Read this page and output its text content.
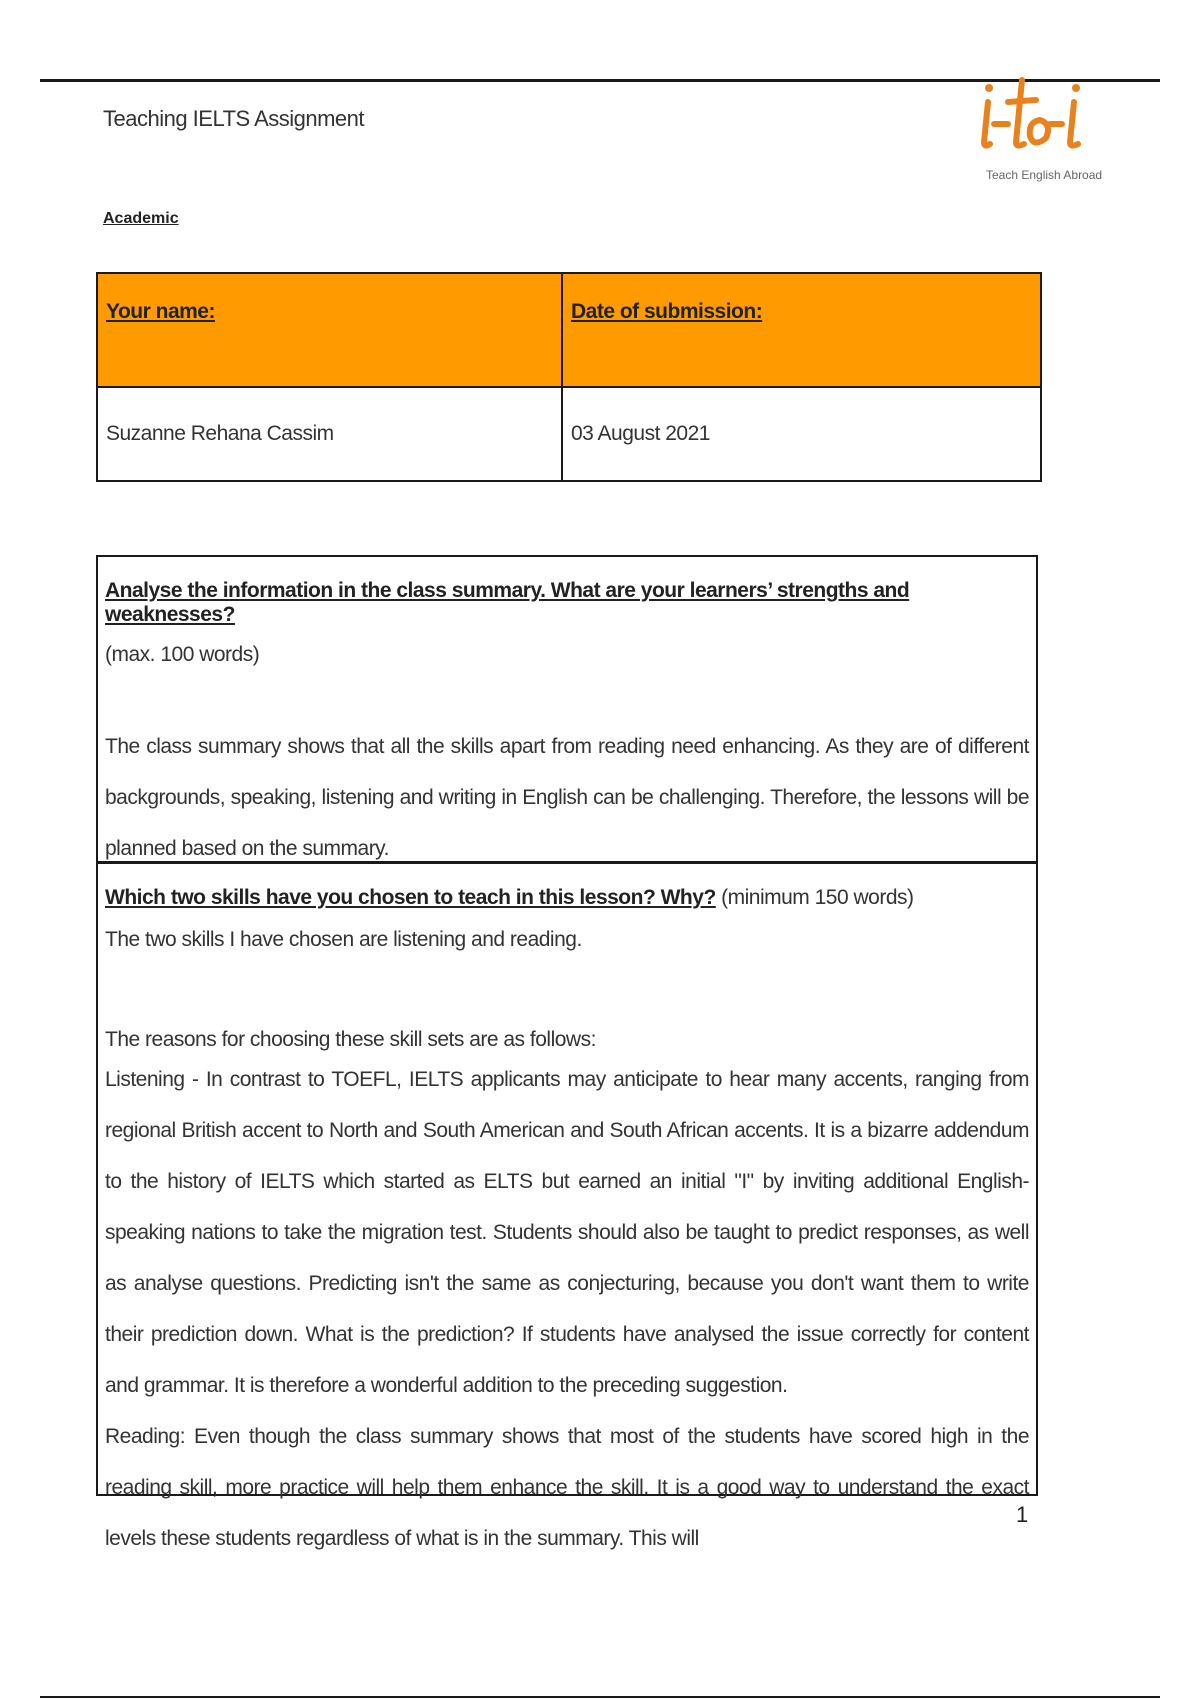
Teaching IELTS Assignment
Teach English Abroad
Academic
Your name:	Date of submission:
Suzanne Rehana Cassim	03 August 2021
Analyse the information in the class summary. What are your learners’ strengths and weaknesses?
(max. 100 words)

The class summary shows that all the skills apart from reading need enhancing. As they are of different backgrounds, speaking, listening and writing in English can be challenging. Therefore, the lessons will be planned based on the summary.

Which two skills have you chosen to teach in this lesson? Why? (minimum 150 words)
The two skills I have chosen are listening and reading.
The reasons for choosing these skill sets are as follows:

Listening - In contrast to TOEFL, IELTS applicants may anticipate to hear many accents, ranging from regional British accent to North and South American and South African accents. It is a bizarre addendum to the history of IELTS which started as ELTS but earned an initial "I" by inviting additional English-speaking nations to take the migration test. Students should also be taught to predict responses, as well as analyse questions. Predicting isn't the same as conjecturing, because you don't want them to write their prediction down. What is the prediction? If students have analysed the issue correctly for content and grammar. It is therefore a wonderful addition to the preceding suggestion.

Reading: Even though the class summary shows that most of the students have scored high in the reading skill, more practice will help them enhance the skill. It is a good way to understand the exact levels these students regardless of what is in the summary. This will

1
